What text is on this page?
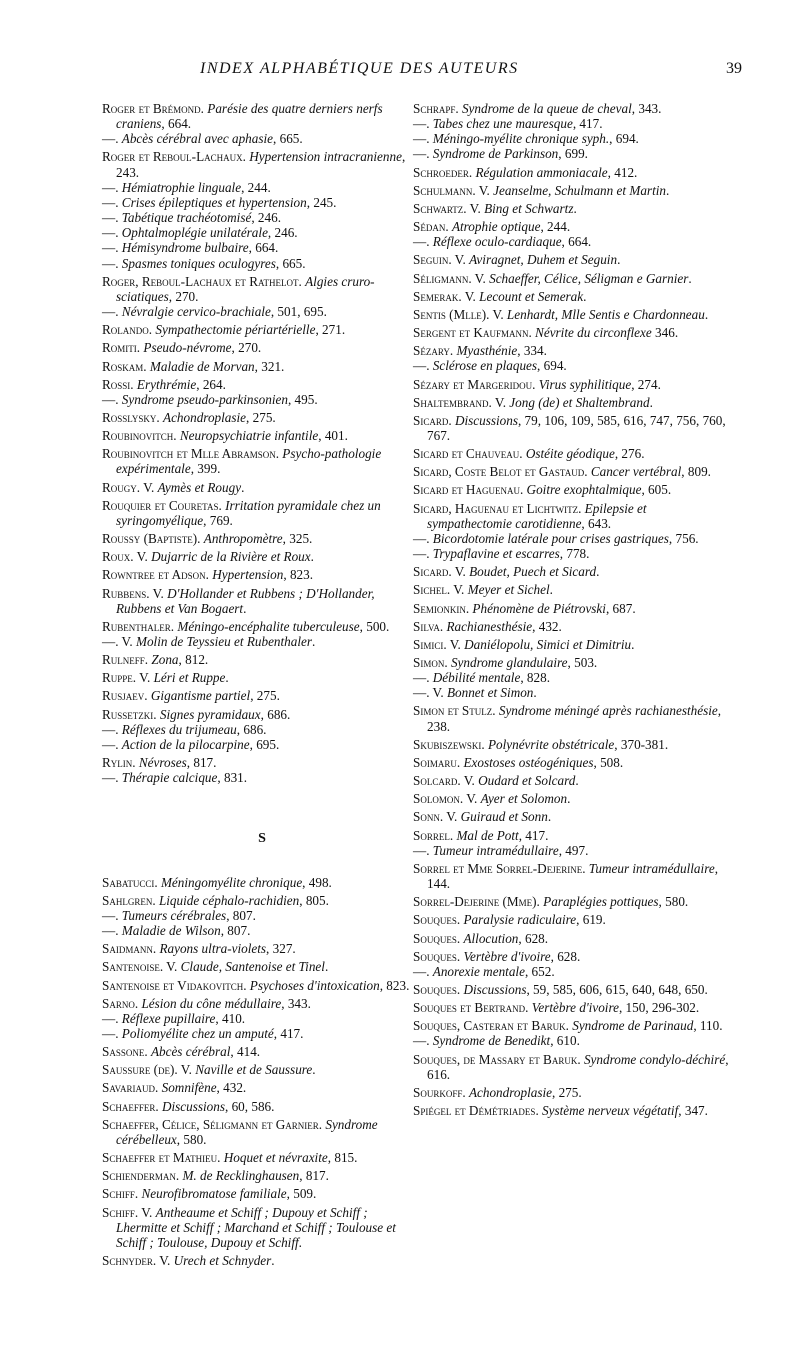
INDEX ALPHABÉTIQUE DES AUTEURS	39
Roger et Brémond. Parésie des quatre derniers nerfs craniens, 664.
—. Abcès cérébral avec aphasie, 665.
Roger et Reboul-Lachaux. Hypertension intracranienne, 243.
—. Hémiatrophie linguale, 244.
—. Crises épileptiques et hypertension, 245.
—. Tabétique trachéotomisé, 246.
—. Ophtalmoplégie unilatérale, 246.
—. Hémisyndrome bulbaire, 664.
—. Spasmes toniques oculogyres, 665.
Roger, Reboul-Lachaux et Rathelot. Algies cruro-sciatiques, 270.
—. Névralgie cervico-brachiale, 501, 695.
Rolando. Sympathectomie périartérielle, 271.
Romiti. Pseudo-névrome, 270.
Roskam. Maladie de Morvan, 321.
Rossi. Erythrémie, 264.
—. Syndrome pseudo-parkinsonien, 495.
Rosslysky. Achondroplasie, 275.
Roubinovitch. Neuropsychiatrie infantile, 401.
Roubinovitch et Mlle Abramson. Psycho-pathologie expérimentale, 399.
Rougy. V. Aymès et Rougy.
Rouquier et Couretas. Irritation pyramidale chez un syringomyélique, 769.
Roussy (Baptiste). Anthropomètre, 325.
Roux. V. Dujarric de la Rivière et Roux.
Rowntree et Adson. Hypertension, 823.
Rubbens. V. D'Hollander et Rubbens ; D'Hollander, Rubbens et Van Bogaert.
Rubenthaler. Méningo-encéphalite tuberculeuse, 500.
—. V. Molin de Teyssieu et Rubenthaler.
Rulneff. Zona, 812.
Ruppe. V. Léri et Ruppe.
Rusjaev. Gigantisme partiel, 275.
Russetzki. Signes pyramidaux, 686.
—. Réflexes du trijumeau, 686.
—. Action de la pilocarpine, 695.
Rylin. Névroses, 817.
—. Thérapie calcique, 831.
S
Sabatucci. Méningomyélite chronique, 498.
Sahlgren. Liquide céphalo-rachidien, 805.
—. Tumeurs cérébrales, 807.
—. Maladie de Wilson, 807.
Saidmann. Rayons ultra-violets, 327.
Santenoise. V. Claude, Santenoise et Tinel.
Santenoise et Vidakovitch. Psychoses d'intoxication, 823.
Sarno. Lésion du cône médullaire, 343.
—. Réflexe pupillaire, 410.
—. Poliomyélite chez un amputé, 417.
Sassone. Abcès cérébral, 414.
Saussure (de). V. Naville et de Saussure.
Savariaud. Somnifène, 432.
Schaeffer. Discussions, 60, 586.
Schaeffer, Célice, Séligmann et Garnier. Syndrome cérébelleux, 580.
Schaeffer et Mathieu. Hoquet et névraxite, 815.
Schienderman. M. de Recklinghausen, 817.
Schiff. Neurofibromatose familiale, 509.
Schiff. V. Antheaume et Schiff ; Dupouy et Schiff ; Lhermitte et Schiff ; Marchand et Schiff ; Toulouse et Schiff ; Toulouse, Dupouy et Schiff.
Schnyder. V. Urech et Schnyder.
Schrapf. Syndrome de la queue de cheval, 343.
—. Tabes chez une mauresque, 417.
—. Méningo-myélite chronique syph., 694.
—. Syndrome de Parkinson, 699.
Schroeder. Régulation ammoniacale, 412.
Schulmann. V. Jeanselme, Schulmann et Martin.
Schwartz. V. Bing et Schwartz.
Sédan. Atrophie optique, 244.
—. Réflexe oculo-cardiaque, 664.
Seguin. V. Aviragnet, Duhem et Seguin.
Séligmann. V. Schaeffer, Célice, Séligman e Garnier.
Semerak. V. Lecount et Semerak.
Sentis (Mlle). V. Lenhardt, Mlle Sentis e Chardonneau.
Sergent et Kaufmann. Névrite du circonflexe 346.
Sézary. Myasthénie, 334.
—. Sclérose en plaques, 694.
Sézary et Margeridou. Virus syphilitique, 274.
Shaltembrand. V. Jong (de) et Shaltembrand.
Sicard. Discussions, 79, 106, 109, 585, 616, 747, 756, 760, 767.
Sicard et Chauveau. Ostéite géodique, 276.
Sicard, Coste Belot et Gastaud. Cancer vertébral, 809.
Sicard et Haguenau. Goitre exophtalmique, 605.
Sicard, Haguenau et Lichtwitz. Epilepsie et sympathectomie carotidienne, 643.
—. Bicordotomie latérale pour crises gastriques, 756.
—. Trypaflavine et escarres, 778.
Sicard. V. Boudet, Puech et Sicard.
Sichel. V. Meyer et Sichel.
Semionkin. Phénomène de Piétrovski, 687.
Silva. Rachianesthésie, 432.
Simici. V. Daniélopolu, Simici et Dimitriu.
Simon. Syndrome glandulaire, 503.
—. Débilité mentale, 828.
—. V. Bonnet et Simon.
Simon et Stulz. Syndrome méningé après rachianesthésie, 238.
Skubiszewski. Polynévrite obstétricale, 370-381.
Soimaru. Exostoses ostéogéniques, 508.
Solcard. V. Oudard et Solcard.
Solomon. V. Ayer et Solomon.
Sonn. V. Guiraud et Sonn.
Sorrel. Mal de Pott, 417.
—. Tumeur intramédullaire, 497.
Sorrel et Mme Sorrel-Dejerine. Tumeur intramédullaire, 144.
Sorrel-Dejerine (Mme). Paraplégies pottiques, 580.
Souques. Paralysie radiculaire, 619.
Souques. Allocution, 628.
Souques. Vertèbre d'ivoire, 628.
—. Anorexie mentale, 652.
Souques. Discussions, 59, 585, 606, 615, 640, 648, 650.
Souques et Bertrand. Vertèbre d'ivoire, 150, 296-302.
Souques, Casteran et Baruk. Syndrome de Parinaud, 110.
—. Syndrome de Benedikt, 610.
Souques, de Massary et Baruk. Syndrome condylo-déchiré, 616.
Sourkoff. Achondroplasie, 275.
Spiégel et Démétriades. Système nerveux végétatif, 347.
